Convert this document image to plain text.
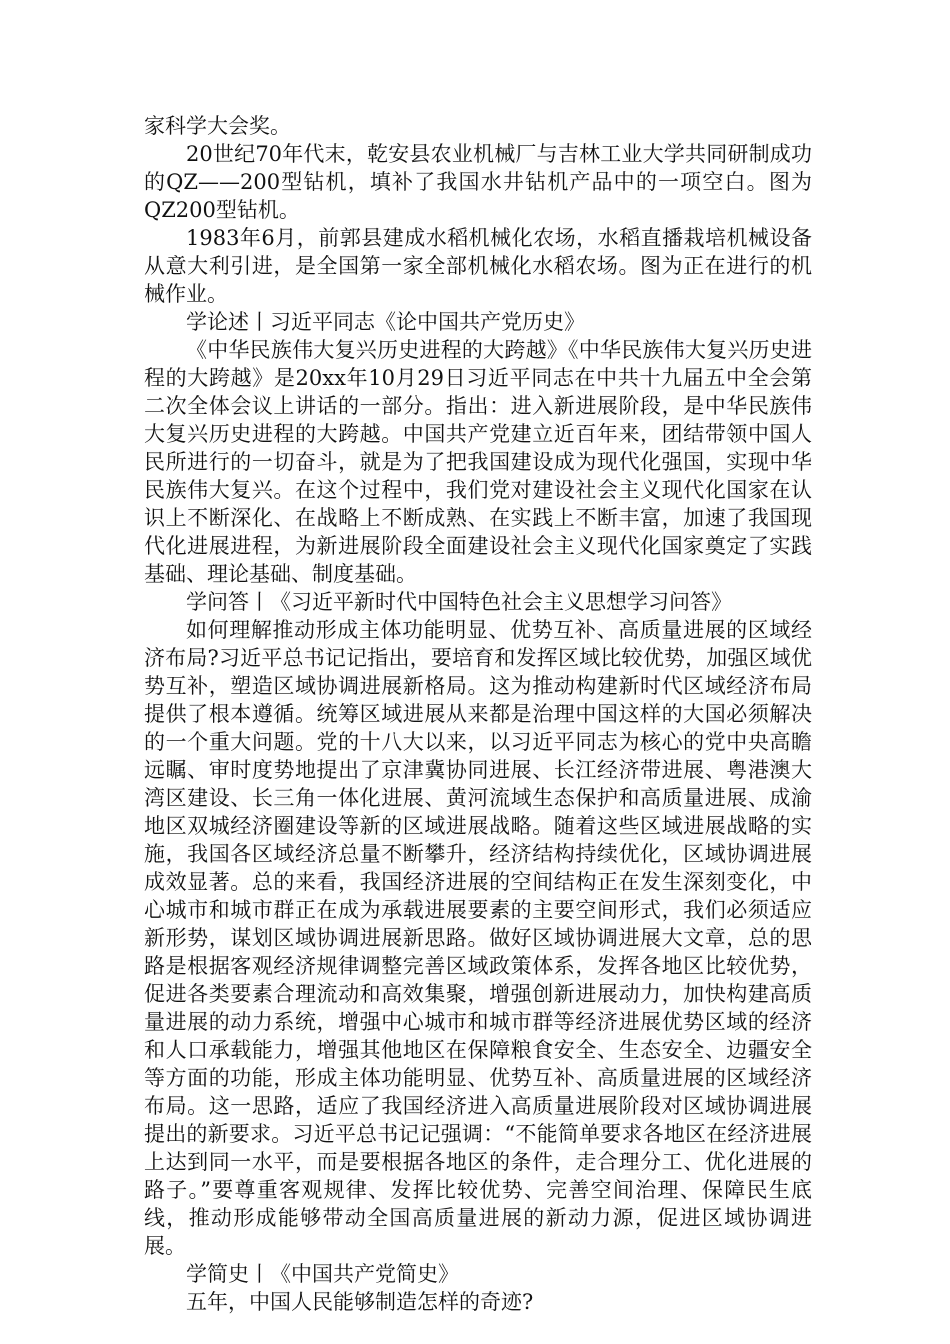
家科学大会奖。

20世纪70年代末，乾安县农业机械厂与吉林工业大学共同研制成功的QZ——200型钻机，填补了我国水井钻机产品中的一项空白。图为QZ200型钻机。

1983年6月，前郭县建成水稻机械化农场，水稻直播栽培机械设备从意大利引进，是全国第一家全部机械化水稻农场。图为正在进行的机械作业。

学论述丨习近平同志《论中国共产党历史》

《中华民族伟大复兴历史进程的大跨越》《中华民族伟大复兴历史进程的大跨越》是20xx年10月29日习近平同志在中共十九届五中全会第二次全体会议上讲话的一部分。指出：进入新进展阶段，是中华民族伟大复兴历史进程的大跨越。中国共产党建立近百年来，团结带领中国人民所进行的一切奋斗，就是为了把我国建设成为现代化强国，实现中华民族伟大复兴。在这个过程中，我们党对建设社会主义现代化国家在认识上不断深化、在战略上不断成熟、在实践上不断丰富，加速了我国现代化进展进程，为新进展阶段全面建设社会主义现代化国家奠定了实践基础、理论基础、制度基础。

学问答丨《习近平新时代中国特色社会主义思想学习问答》

如何理解推动形成主体功能明显、优势互补、高质量进展的区域经济布局?习近平总书记记指出，要培育和发挥区域比较优势，加强区域优势互补，塑造区域协调进展新格局。这为推动构建新时代区域经济布局提供了根本遵循。统筹区域进展从来都是治理中国这样的大国必须解决的一个重大问题。党的十八大以来，以习近平同志为核心的党中央高瞻远瞩、审时度势地提出了京津冀协同进展、长江经济带进展、粤港澳大湾区建设、长三角一体化进展、黄河流域生态保护和高质量进展、成渝地区双城经济圈建设等新的区域进展战略。随着这些区域进展战略的实施，我国各区域经济总量不断攀升，经济结构持续优化，区域协调进展成效显著。总的来看，我国经济进展的空间结构正在发生深刻变化，中心城市和城市群正在成为承载进展要素的主要空间形式，我们必须适应新形势，谋划区域协调进展新思路。做好区域协调进展大文章，总的思路是根据客观经济规律调整完善区域政策体系，发挥各地区比较优势，促进各类要素合理流动和高效集聚，增强创新进展动力，加快构建高质量进展的动力系统，增强中心城市和城市群等经济进展优势区域的经济和人口承载能力，增强其他地区在保障粮食安全、生态安全、边疆安全等方面的功能，形成主体功能明显、优势互补、高质量进展的区域经济布局。这一思路，适应了我国经济进入高质量进展阶段对区域协调进展提出的新要求。习近平总书记记强调：“不能简单要求各地区在经济进展上达到同一水平，而是要根据各地区的条件，走合理分工、优化进展的路子。”要尊重客观规律、发挥比较优势、完善空间治理、保障民生底线，推动形成能够带动全国高质量进展的新动力源，促进区域协调进展。

学简史丨《中国共产党简史》

五年，中国人民能够制造怎样的奇迹?
